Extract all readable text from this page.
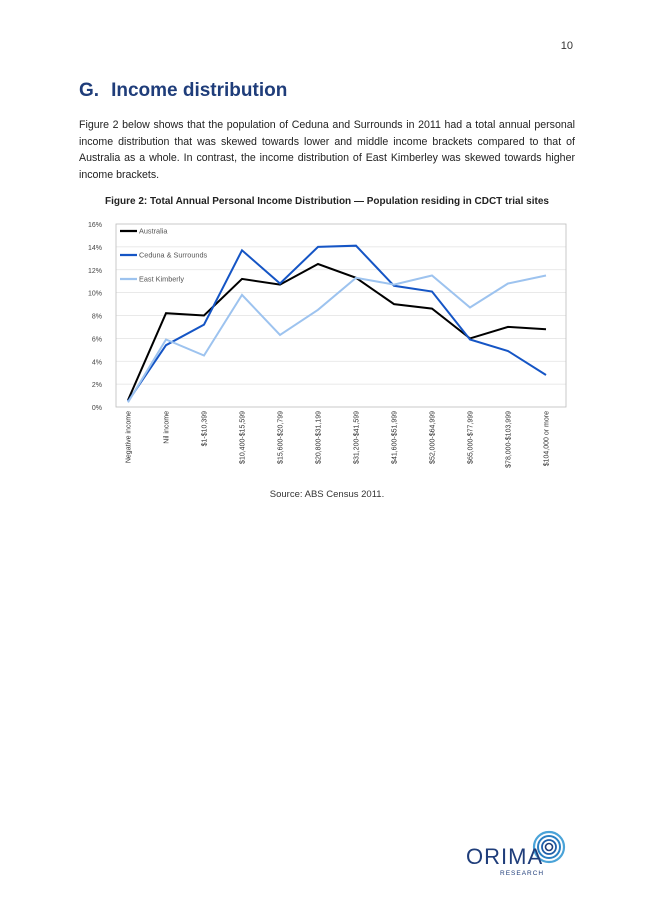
10
G. Income distribution

Figure 2 below shows that the population of Ceduna and Surrounds in 2011 had a total annual personal income distribution that was skewed towards lower and middle income brackets compared to that of Australia as a whole. In contrast, the income distribution of East Kimberley was skewed towards higher income brackets.

Figure 2: Total Annual Personal Income Distribution — Population residing in CDCT trial sites

0%
2%
4%
6%
8%
10%
12%
14%
16%
Negative income	Nil income	$1-$10,399	$10,400-$15,599	$15,600-$20,799	$20,800-$31,199	$31,200-$41,599	$41,600-$51,999	$52,000-$64,999	$65,000-$77,999	$78,000-$103,999	$104,000 or more
Australia
Ceduna & Surrounds
East Kimberly
Source: ABS Census 2011.
ORIMA
RESEARCH
